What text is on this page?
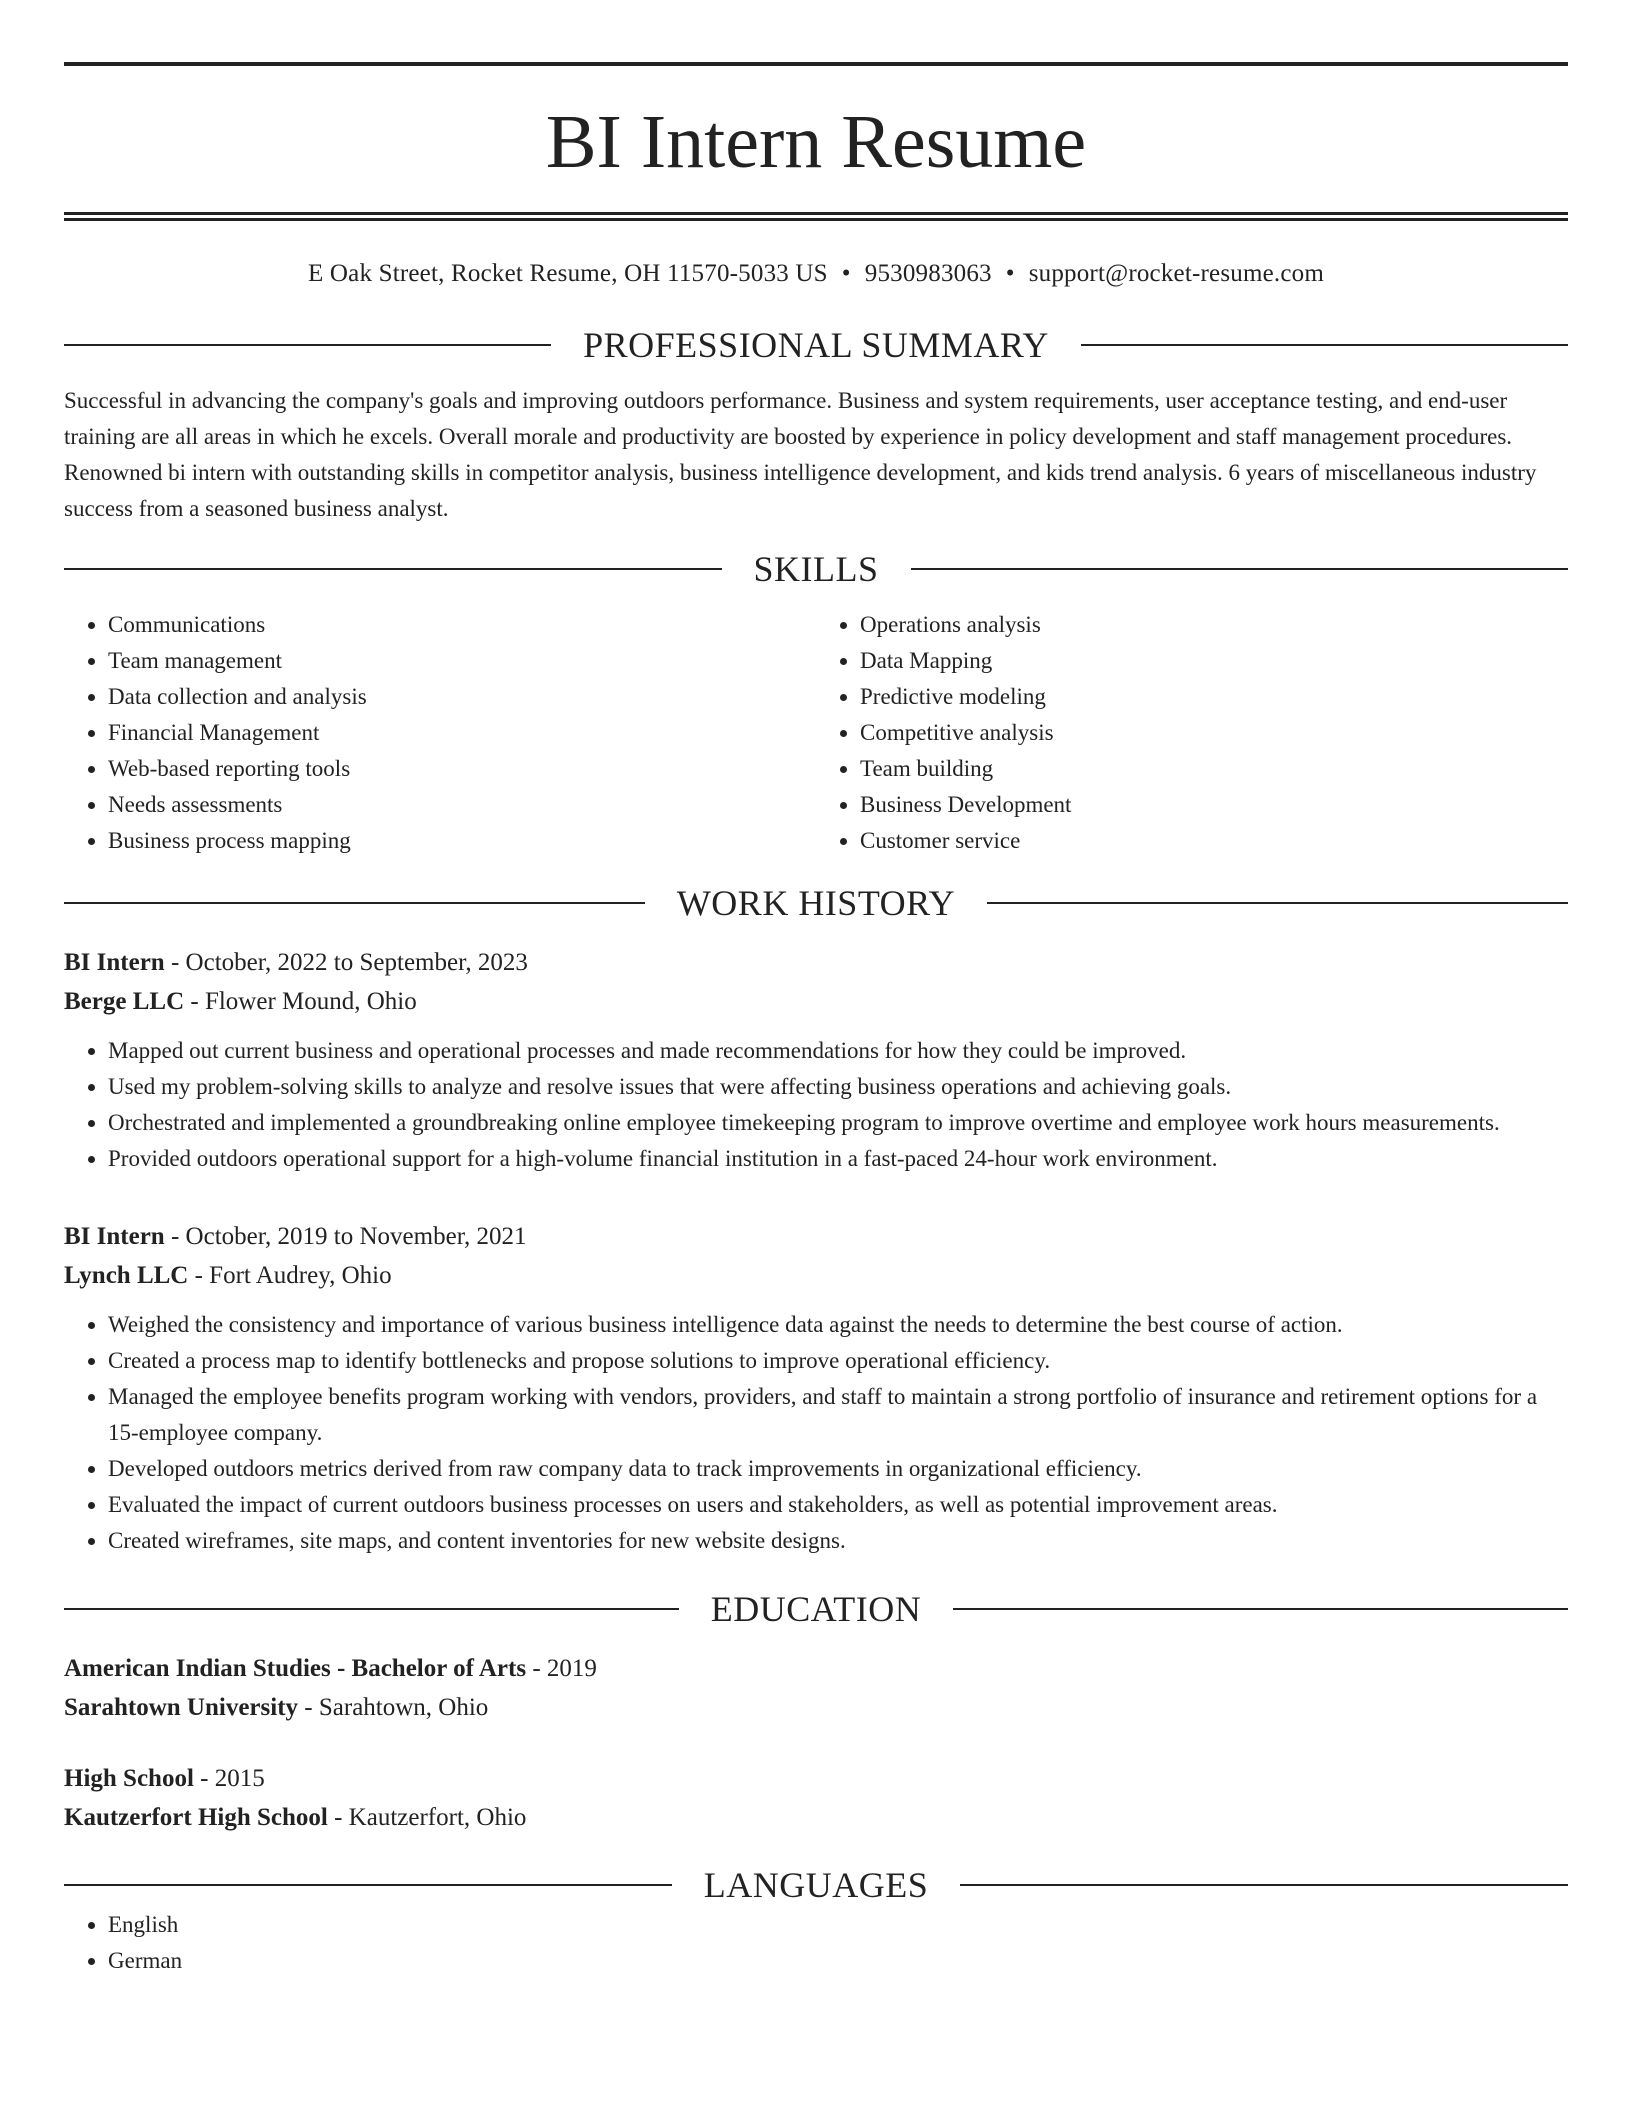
BI Intern Resume
E Oak Street, Rocket Resume, OH 11570-5033 US • 9530983063 • support@rocket-resume.com
PROFESSIONAL SUMMARY
Successful in advancing the company's goals and improving outdoors performance. Business and system requirements, user acceptance testing, and end-user training are all areas in which he excels. Overall morale and productivity are boosted by experience in policy development and staff management procedures. Renowned bi intern with outstanding skills in competitor analysis, business intelligence development, and kids trend analysis. 6 years of miscellaneous industry success from a seasoned business analyst.
SKILLS
• Communications
• Team management
• Data collection and analysis
• Financial Management
• Web-based reporting tools
• Needs assessments
• Business process mapping
• Operations analysis
• Data Mapping
• Predictive modeling
• Competitive analysis
• Team building
• Business Development
• Customer service
WORK HISTORY
BI Intern - October, 2022 to September, 2023
Berge LLC - Flower Mound, Ohio
• Mapped out current business and operational processes and made recommendations for how they could be improved.
• Used my problem-solving skills to analyze and resolve issues that were affecting business operations and achieving goals.
• Orchestrated and implemented a groundbreaking online employee timekeeping program to improve overtime and employee work hours measurements.
• Provided outdoors operational support for a high-volume financial institution in a fast-paced 24-hour work environment.
BI Intern - October, 2019 to November, 2021
Lynch LLC - Fort Audrey, Ohio
• Weighed the consistency and importance of various business intelligence data against the needs to determine the best course of action.
• Created a process map to identify bottlenecks and propose solutions to improve operational efficiency.
• Managed the employee benefits program working with vendors, providers, and staff to maintain a strong portfolio of insurance and retirement options for a 15-employee company.
• Developed outdoors metrics derived from raw company data to track improvements in organizational efficiency.
• Evaluated the impact of current outdoors business processes on users and stakeholders, as well as potential improvement areas.
• Created wireframes, site maps, and content inventories for new website designs.
EDUCATION
American Indian Studies - Bachelor of Arts - 2019
Sarahtown University - Sarahtown, Ohio
High School - 2015
Kautzerfort High School - Kautzerfort, Ohio
LANGUAGES
• English
• German
